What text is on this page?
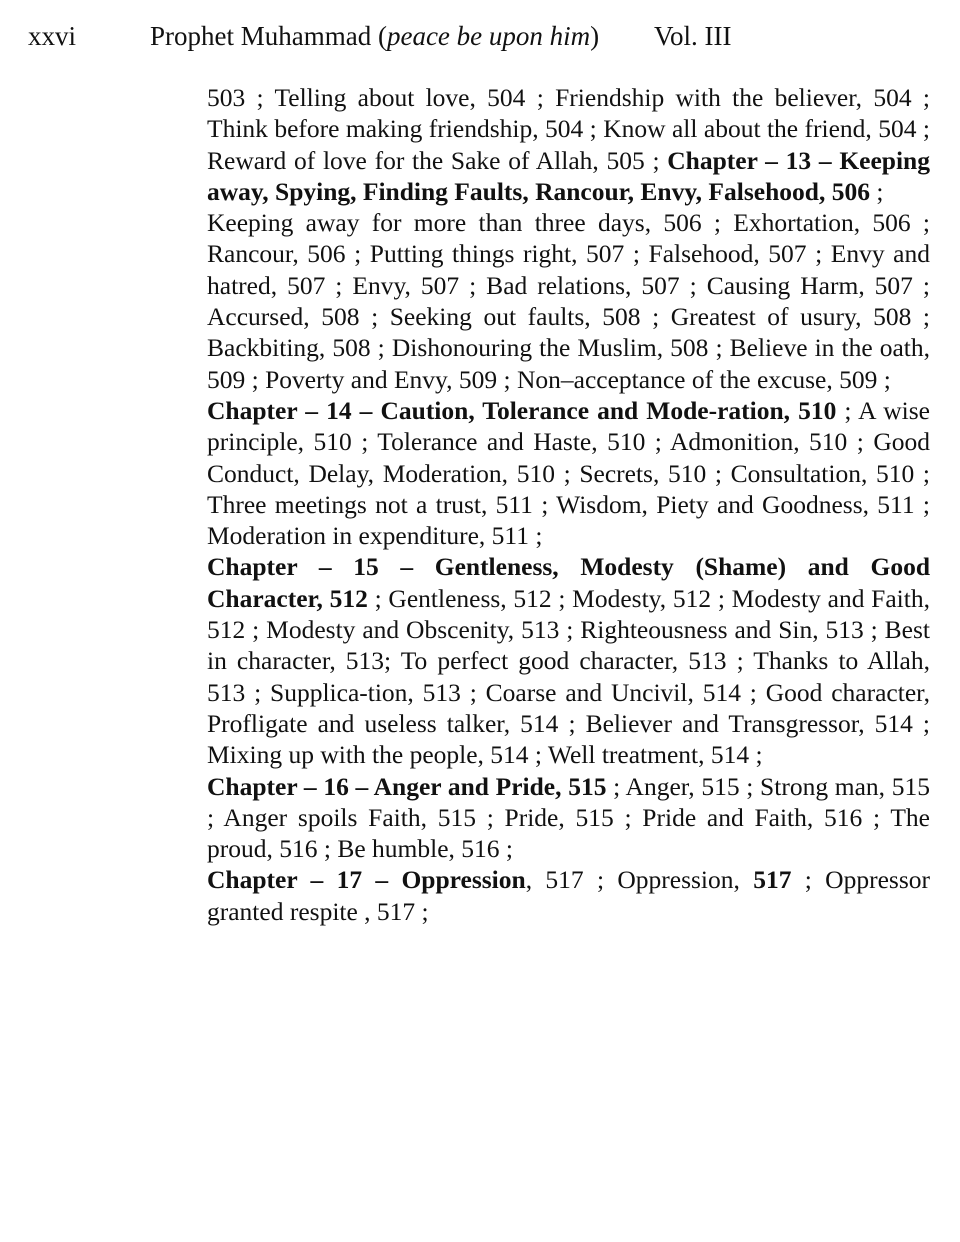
xxvi	Prophet Muhammad (peace be upon him) Vol. III

503 ; Telling about love, 504 ; Friendship with the believer, 504 ; Think before making friendship, 504 ; Know all about the friend, 504 ; Reward of love for the Sake of Allah, 505 ; Chapter – 13 – Keeping away, Spying, Finding Faults, Rancour, Envy, Falsehood, 506 ;

Keeping away for more than three days, 506 ; Exhortation, 506 ; Rancour, 506 ; Putting things right, 507 ; Falsehood, 507 ; Envy and hatred, 507 ; Envy, 507 ; Bad relations, 507 ; Causing Harm, 507 ; Accursed, 508 ; Seeking out faults, 508 ; Greatest of usury, 508 ; Backbiting, 508 ; Dishonouring the Muslim, 508 ; Believe in the oath, 509 ; Poverty and Envy, 509 ; Non–acceptance of the excuse, 509 ;

Chapter – 14 – Caution, Tolerance and Mode-ration, 510 ; A wise principle, 510 ; Tolerance and Haste, 510 ; Admonition, 510 ; Good Conduct, Delay, Moderation, 510 ; Secrets, 510 ; Consultation, 510 ; Three meetings not a trust, 511 ; Wisdom, Piety and Goodness, 511 ; Moderation in expenditure, 511 ;

Chapter – 15 – Gentleness, Modesty (Shame) and Good Character, 512 ; Gentleness, 512 ; Modesty, 512 ; Modesty and Faith, 512 ; Modesty and Obscenity, 513 ; Righteousness and Sin, 513 ; Best in character, 513; To perfect good character, 513 ; Thanks to Allah, 513 ; Supplica-tion, 513 ; Coarse and Uncivil, 514 ; Good character, Profligate and useless talker, 514 ; Believer and Transgressor, 514 ; Mixing up with the people, 514 ; Well treatment, 514 ;

Chapter – 16 – Anger and Pride, 515 ; Anger, 515 ; Strong man, 515 ; Anger spoils Faith, 515 ; Pride, 515 ; Pride and Faith, 516 ; The proud, 516 ; Be humble, 516 ;

Chapter – 17 – Oppression, 517 ; Oppression, 517 ; Oppressor granted respite , 517 ;
